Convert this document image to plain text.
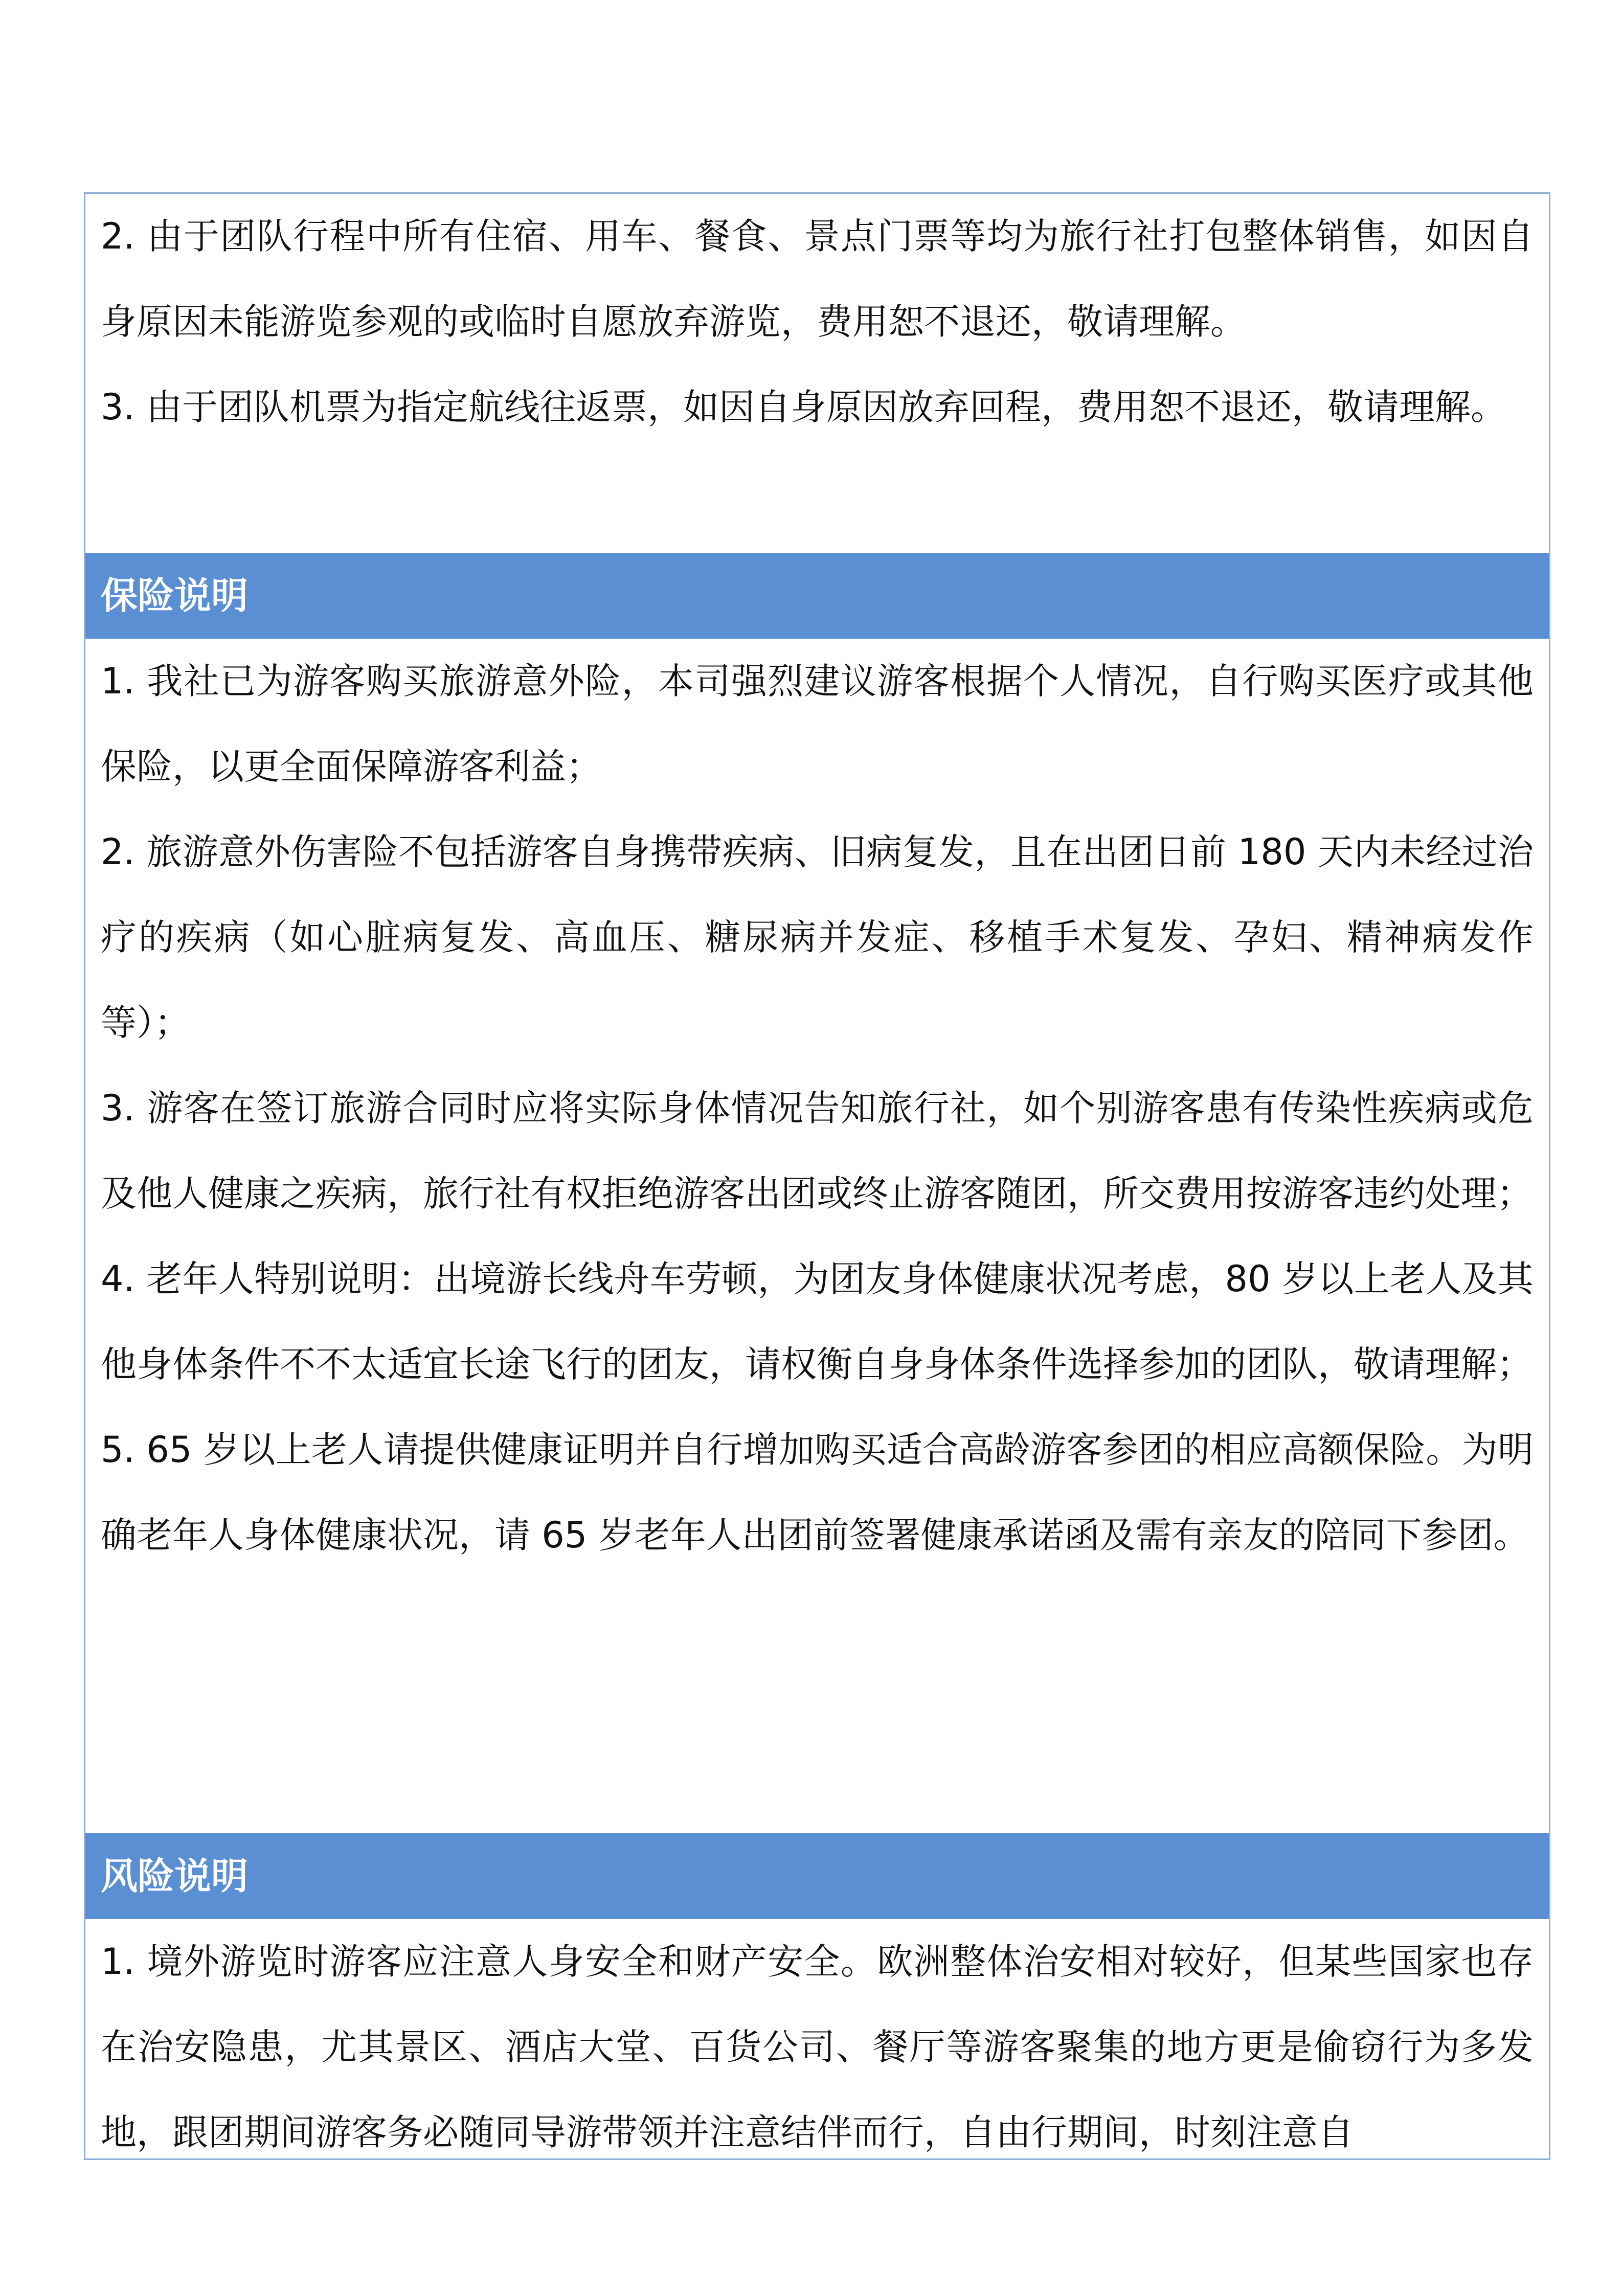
2. 由于团队行程中所有住宿、用车、餐食、景点门票等均为旅行社打包整体销售，如因自身原因未能游览参观的或临时自愿放弃游览，费用恕不退还，敬请理解。

3. 由于团队机票为指定航线往返票，如因自身原因放弃回程，费用恕不退还，敬请理解。

保险说明

1. 我社已为游客购买旅游意外险，本司强烈建议游客根据个人情况，自行购买医疗或其他保险，以更全面保障游客利益；

2. 旅游意外伤害险不包括游客自身携带疾病、旧病复发，且在出团日前 180 天内未经过治疗的疾病（如心脏病复发、高血压、糖尿病并发症、移植手术复发、孕妇、精神病发作等）；

3. 游客在签订旅游合同时应将实际身体情况告知旅行社，如个别游客患有传染性疾病或危及他人健康之疾病，旅行社有权拒绝游客出团或终止游客随团，所交费用按游客违约处理；

4. 老年人特别说明：出境游长线舟车劳顿，为团友身体健康状况考虑，80 岁以上老人及其他身体条件不不太适宜长途飞行的团友，请权衡自身身体条件选择参加的团队，敬请理解；

5. 65 岁以上老人请提供健康证明并自行增加购买适合高龄游客参团的相应高额保险。为明确老年人身体健康状况，请 65 岁老年人出团前签署健康承诺函及需有亲友的陪同下参团。

风险说明

1. 境外游览时游客应注意人身安全和财产安全。欧洲整体治安相对较好，但某些国家也存在治安隐患，尤其景区、酒店大堂、百货公司、餐厅等游客聚集的地方更是偷窃行为多发地，跟团期间游客务必随同导游带领并注意结伴而行，自由行期间，时刻注意自
